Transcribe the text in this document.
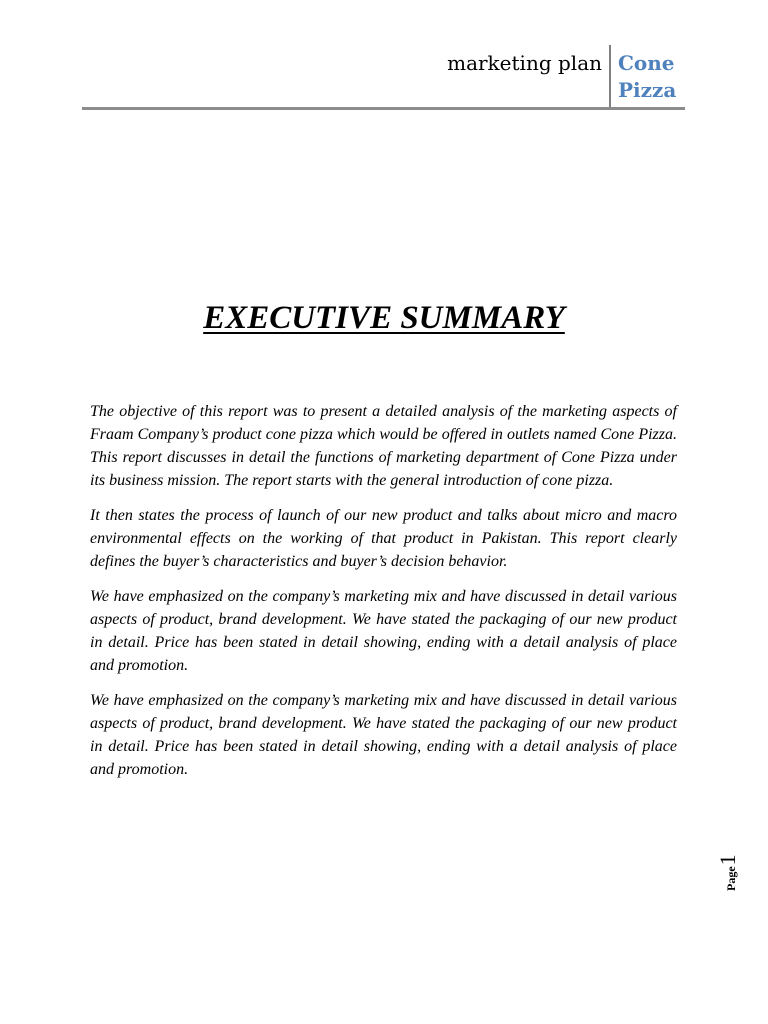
marketing plan Cone
Pizza
EXECUTIVE SUMMARY

The objective of this report was to present a detailed analysis of the marketing aspects of Fraam Company’s product cone pizza which would be offered in outlets named Cone Pizza. This report discusses in detail the functions of marketing department of Cone Pizza under its business mission. The report starts with the general introduction of cone pizza.

It then states the process of launch of our new product and talks about micro and macro environmental effects on the working of that product in Pakistan. This report clearly defines the buyer’s characteristics and buyer’s decision behavior.

We have emphasized on the company’s marketing mix and have discussed in detail various aspects of product, brand development. We have stated the packaging of our new product in detail. Price has been stated in detail showing, ending with a detail analysis of place and promotion.

We have emphasized on the company’s marketing mix and have discussed in detail various aspects of product, brand development. We have stated the packaging of our new product in detail. Price has been stated in detail showing, ending with a detail analysis of place and promotion.

Page
1
